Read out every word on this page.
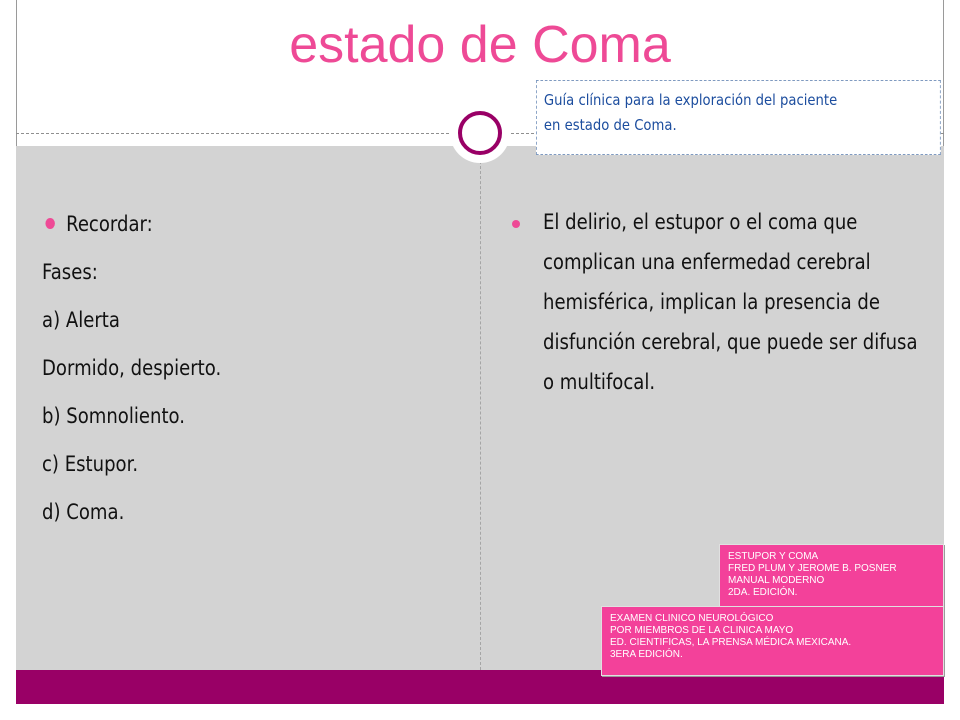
estado de Coma
Guía clínica para la exploración del paciente
en estado de Coma.
Recordar:
Fases:
a) Alerta
Dormido, despierto.
b) Somnoliento.
c) Estupor.
d) Coma.
El delirio, el estupor o el coma que complican una enfermedad cerebral hemisférica, implican la presencia de disfunción cerebral, que puede ser difusa o multifocal.
ESTUPOR Y COMA
FRED PLUM Y JEROME B. POSNER
MANUAL MODERNO
2DA. EDICIÓN.
EXAMEN CLINICO NEUROLÓGICO
POR MIEMBROS DE LA CLINICA MAYO
ED. CIENTIFICAS, LA PRENSA MÉDICA MEXICANA.
3ERA EDICIÓN.
